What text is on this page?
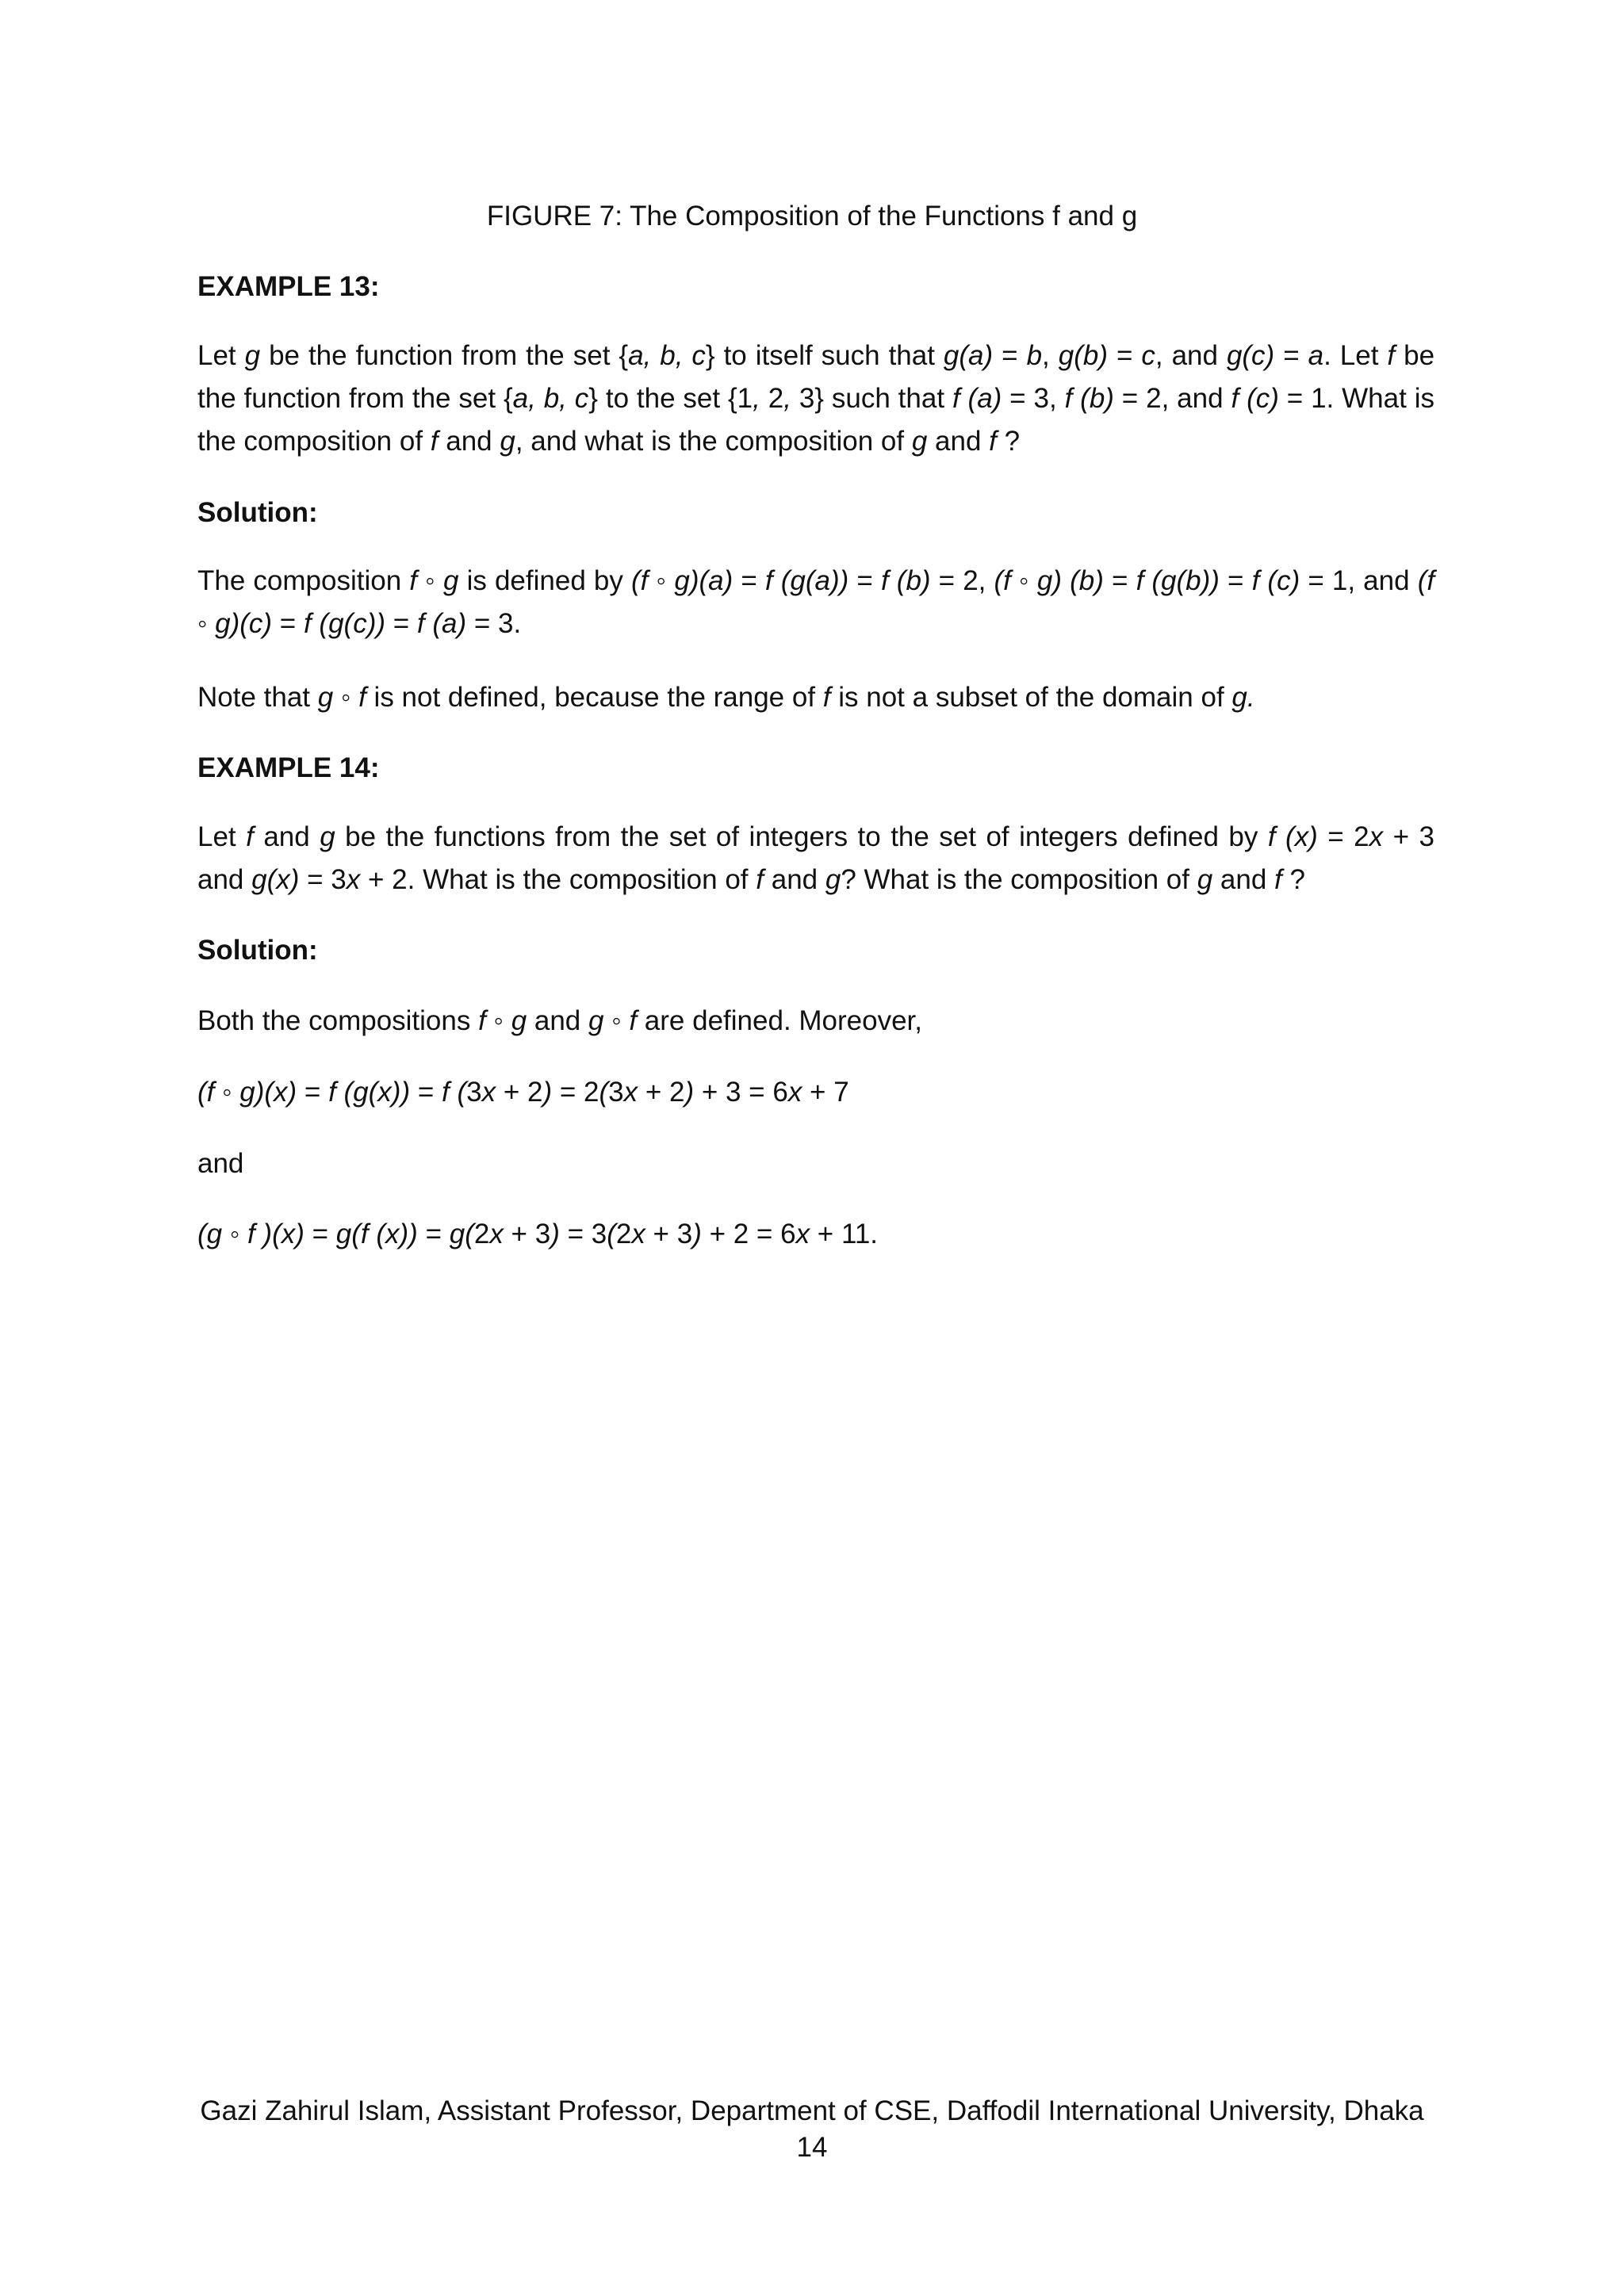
FIGURE 7: The Composition of the Functions f and g
EXAMPLE 13:
Let g be the function from the set {a, b, c} to itself such that g(a) = b, g(b) = c, and g(c) = a. Let f be
the function from the set {a, b, c} to the set {1, 2, 3} such that f (a) = 3, f (b) = 2, and f (c) = 1. What is
the composition of f and g, and what is the composition of g and f ?
Solution:
The composition f ◦ g is defined by (f ◦ g)(a) = f (g(a)) = f (b) = 2, (f ◦ g) (b) = f (g(b)) = f (c) = 1, and (f
◦ g)(c) = f (g(c)) = f (a) = 3.
Note that g ◦ f is not defined, because the range of f is not a subset of the domain of g.
EXAMPLE 14:
Let f and g be the functions from the set of integers to the set of integers defined by f (x) = 2x + 3
and g(x) = 3x + 2. What is the composition of f and g? What is the composition of g and f ?
Solution:
Both the compositions f ◦ g and g ◦ f are defined. Moreover,
(f ◦ g)(x) = f (g(x)) = f (3x + 2) = 2(3x + 2) + 3 = 6x + 7
and
(g ◦ f )(x) = g(f (x)) = g(2x + 3) = 3(2x + 3) + 2 = 6x + 11.
Gazi Zahirul Islam, Assistant Professor, Department of CSE, Daffodil International University, Dhaka
14
